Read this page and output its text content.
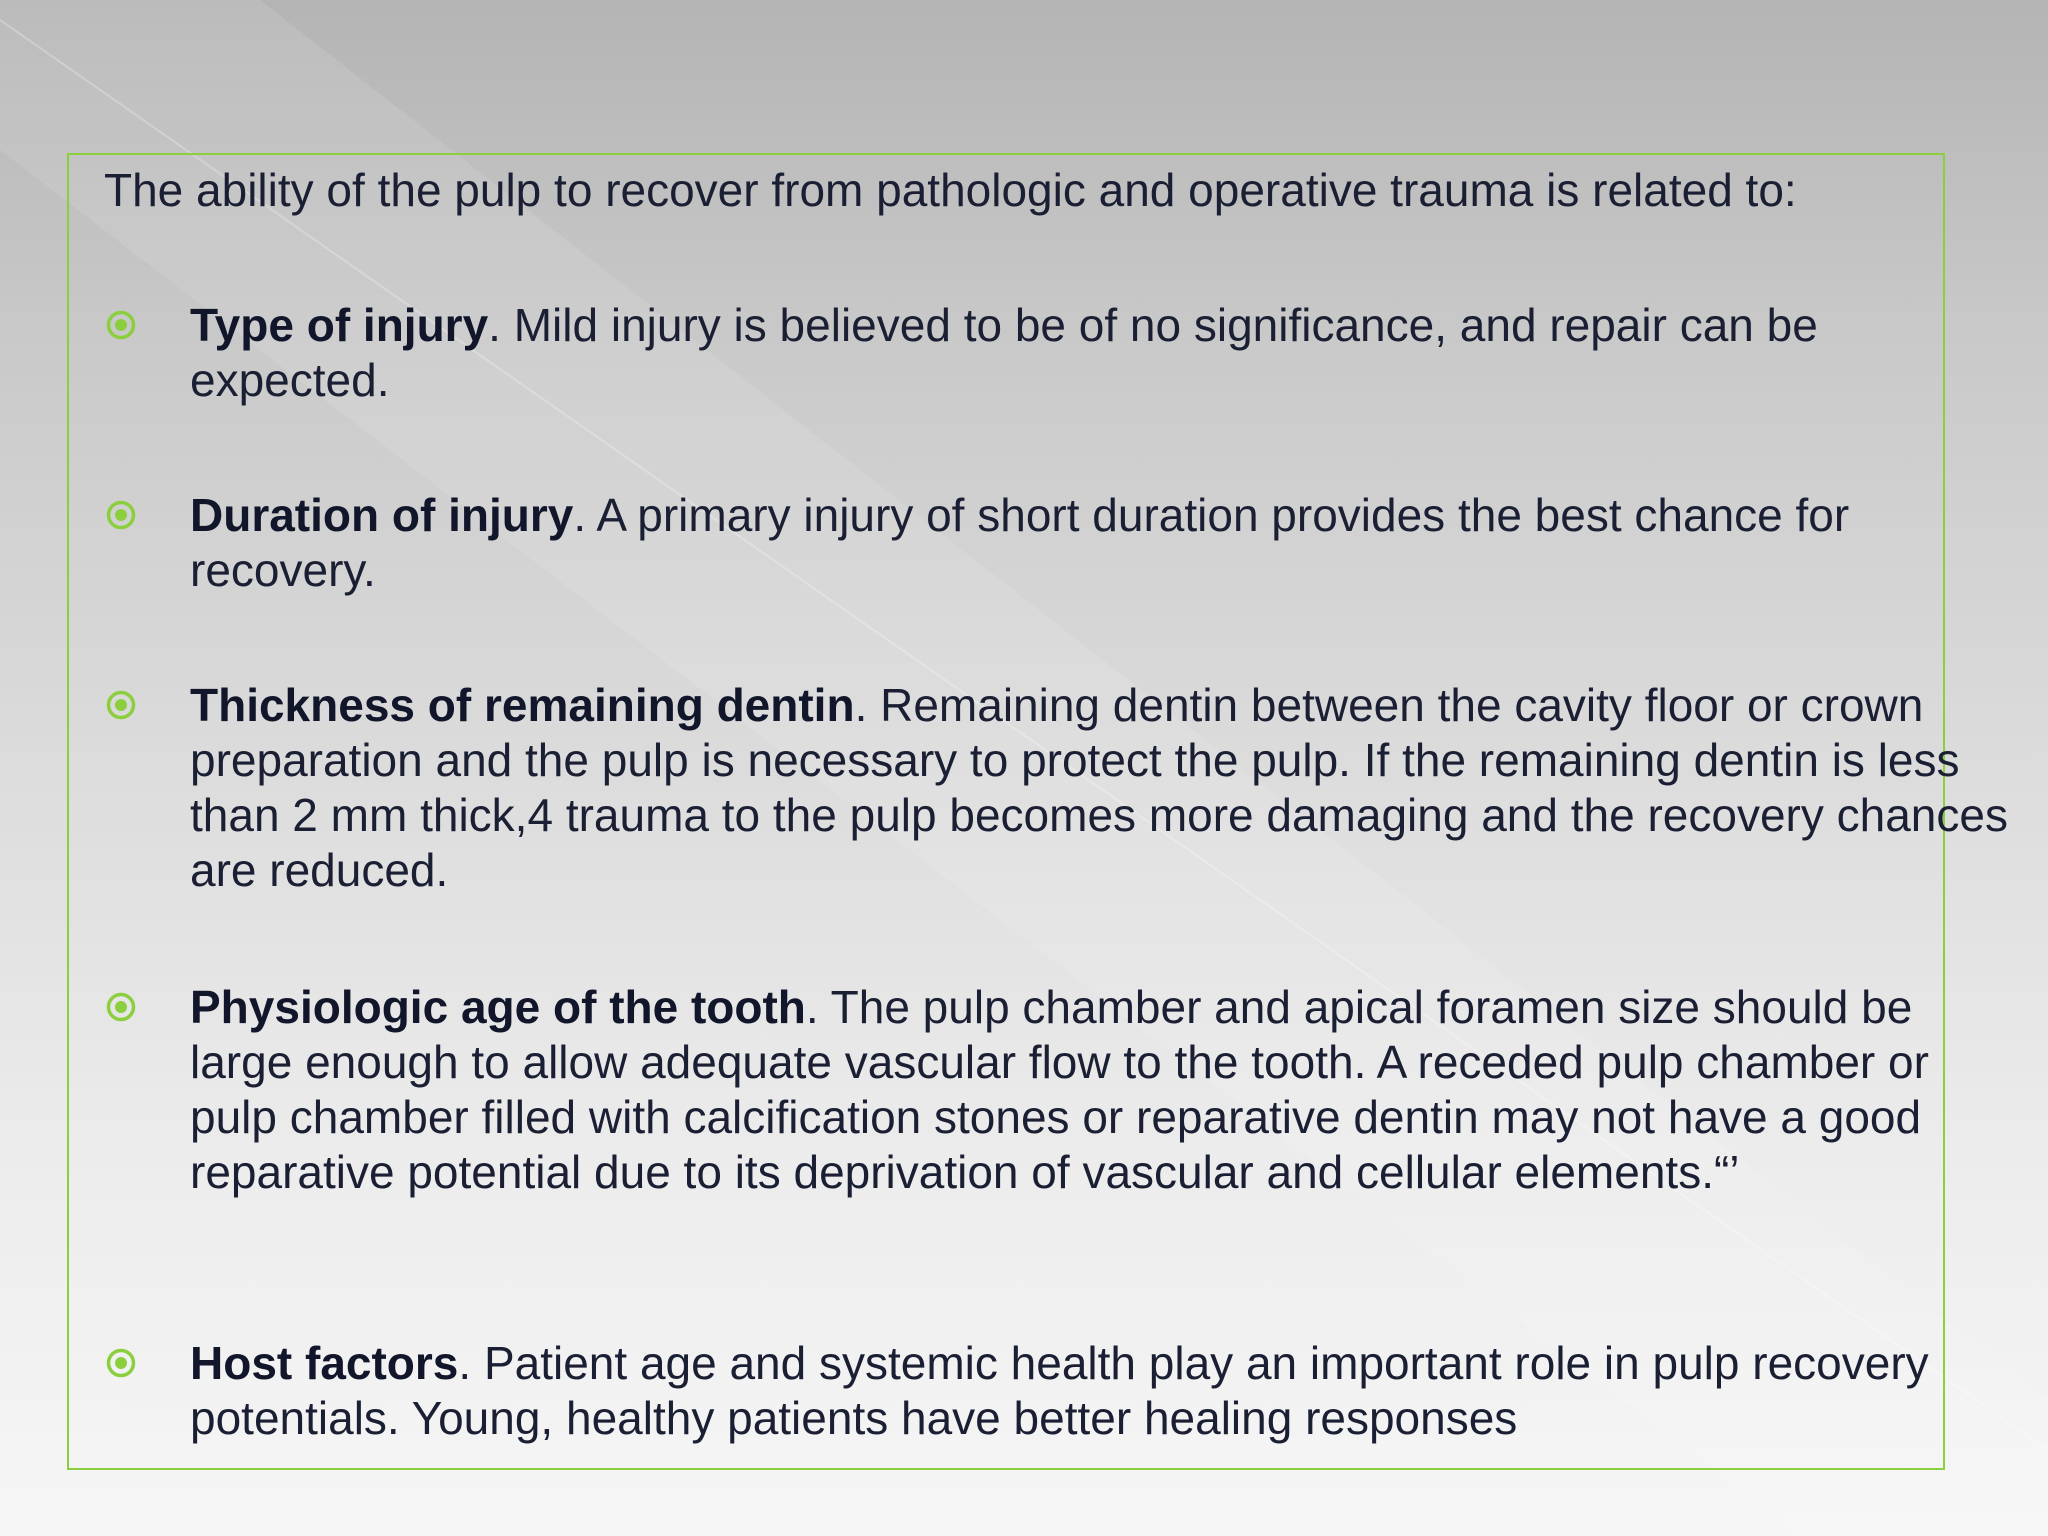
The ability of the pulp to recover from pathologic and operative trauma is related to:
Type of injury. Mild injury is believed to be of no significance, and repair can be expected.
Duration of injury. A primary injury of short duration provides the best chance for recovery.
Thickness of remaining dentin. Remaining dentin between the cavity floor or crown preparation and the pulp is necessary to protect the pulp. If the remaining dentin is less than 2 mm thick,4 trauma to the pulp becomes more damaging and the recovery chances are reduced.
Physiologic age of the tooth. The pulp chamber and apical foramen size should be large enough to allow adequate vascular flow to the tooth. A receded pulp chamber or pulp chamber filled with calcification stones or reparative dentin may not have a good reparative potential due to its deprivation of vascular and cellular elements.“’
Host factors. Patient age and systemic health play an important role in pulp recovery potentials. Young, healthy patients have better healing responses
